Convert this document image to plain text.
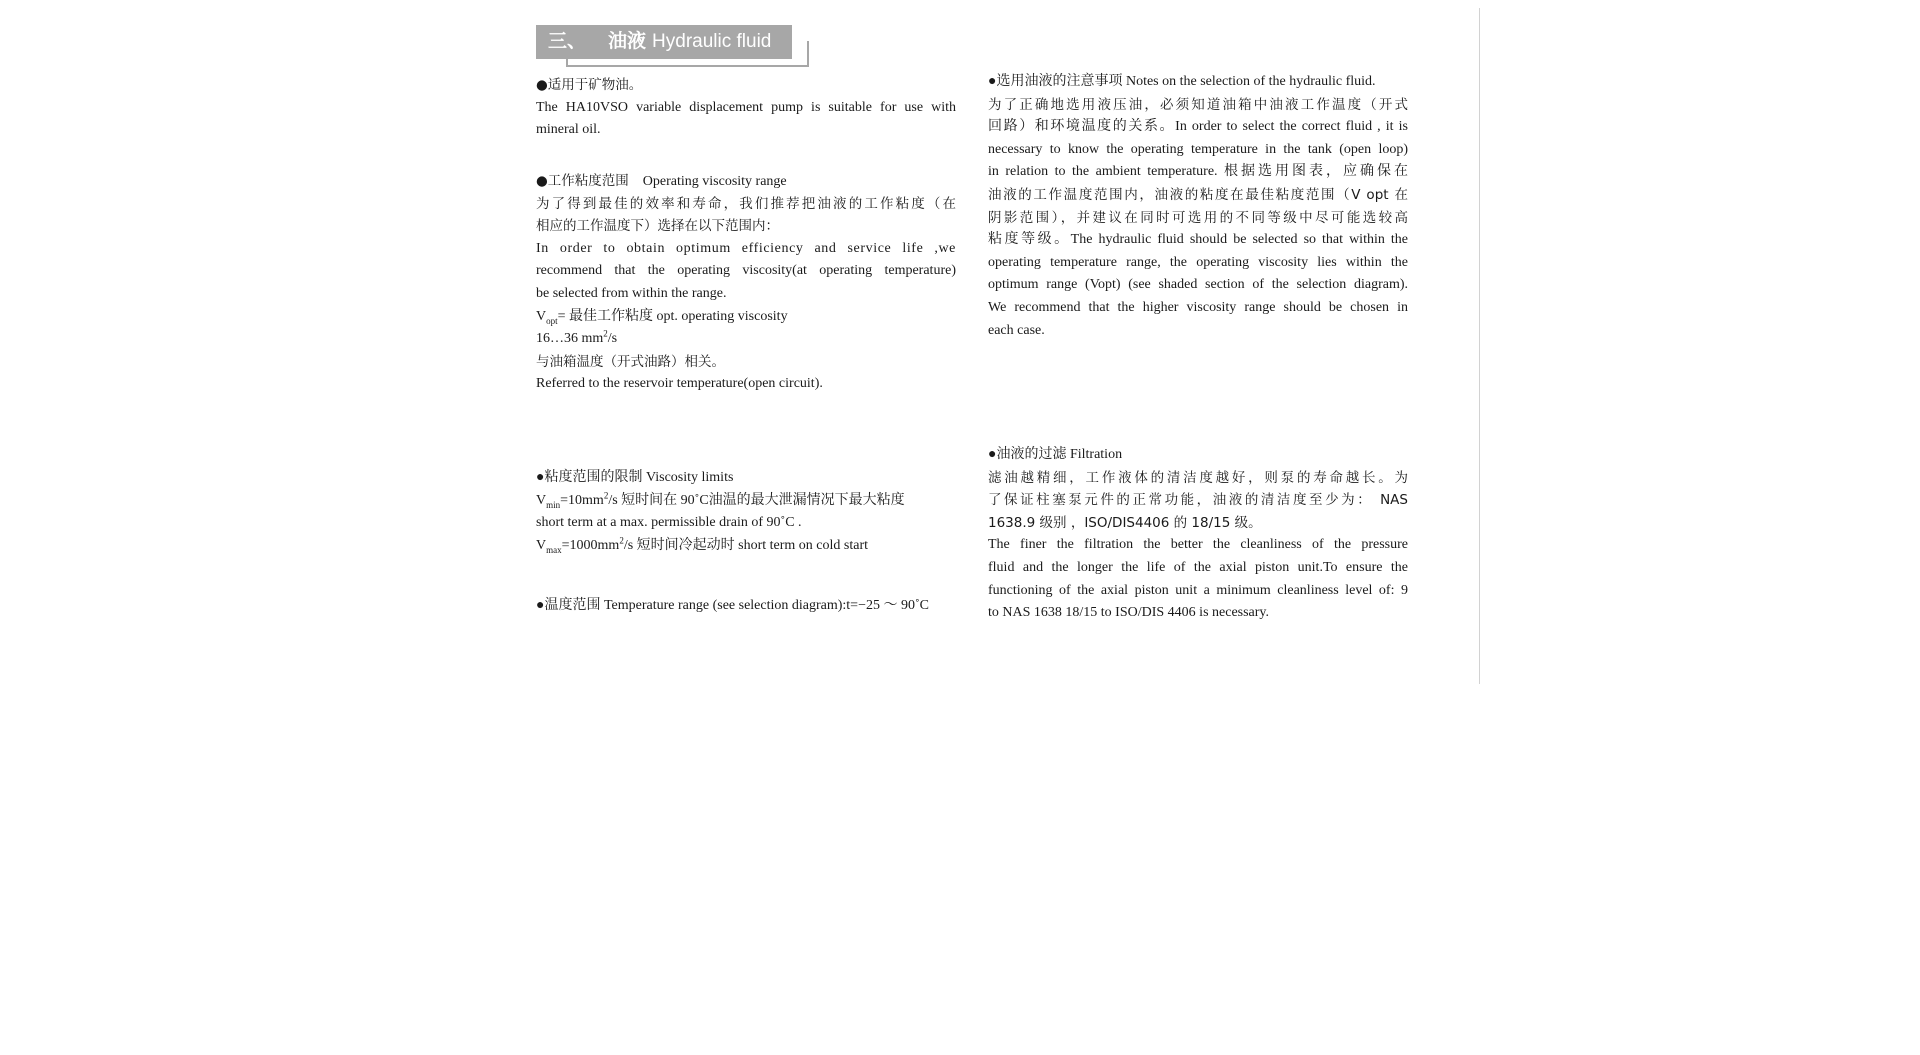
三、 油液 Hydraulic fluid
●适用于矿物油。
The HA10VSO variable displacement pump is suitable for use with
mineral oil.
●工作粘度范围 Operating viscosity range
为了得到最佳的效率和寿命，我们推荐把油液的工作粘度（在
相应的工作温度下）选择在以下范围内：
In order to obtain optimum efficiency and service life ,we
recommend that the operating viscosity(at operating temperature)
be selected from within the range.
$V_{opt}=$ 最佳工作粘度 opt. operating viscosity
16…36 $mm^2/s$
与油箱温度（开式油路）相关。
Referred to the reservoir temperature(open circuit).
●粘度范围的限制 Viscosity limits
$V_{min}=10mm^2/s$ 短时间在 90˚C油温的最大泄漏情况下最大粘度
short term at a max. permissible drain of 90˚C .
$V_{max}=1000mm^2/s$ 短时间冷起动时 short term on cold start
●温度范围 Temperature range (see selection diagram):t=−25 ～ 90˚C
●选用油液的注意事项 Notes on the selection of the hydraulic fluid.
为了正确地选用液压油，必须知道油箱中油液工作温度（开式
回路）和环境温度的关系。In order to select the correct fluid , it is
necessary to know the operating temperature in the tank (open loop)
in relation to the ambient temperature. 根据选用图表，应确保在
油液的工作温度范围内，油液的粘度在最佳粘度范围（V opt 在
阴影范围），并建议在同时可选用的不同等级中尽可能选较高
粘度等级。The hydraulic fluid should be selected so that within the
operating temperature range, the operating viscosity lies within the
optimum range (Vopt) (see shaded section of the selection diagram).
We recommend that the higher viscosity range should be chosen in
each case.
●油液的过滤 Filtration
滤油越精细，工作液体的清洁度越好，则泵的寿命越长。为
了保证柱塞泵元件的正常功能，油液的清洁度至少为： NAS
1638.9 级别 ，ISO/DIS4406 的 18/15 级。
The finer the filtration the better the cleanliness of the pressure
fluid and the longer the life of the axial piston unit.To ensure the
functioning of the axial piston unit a minimum cleanliness level of: 9
to NAS 1638 18/15 to ISO/DIS 4406 is necessary.
